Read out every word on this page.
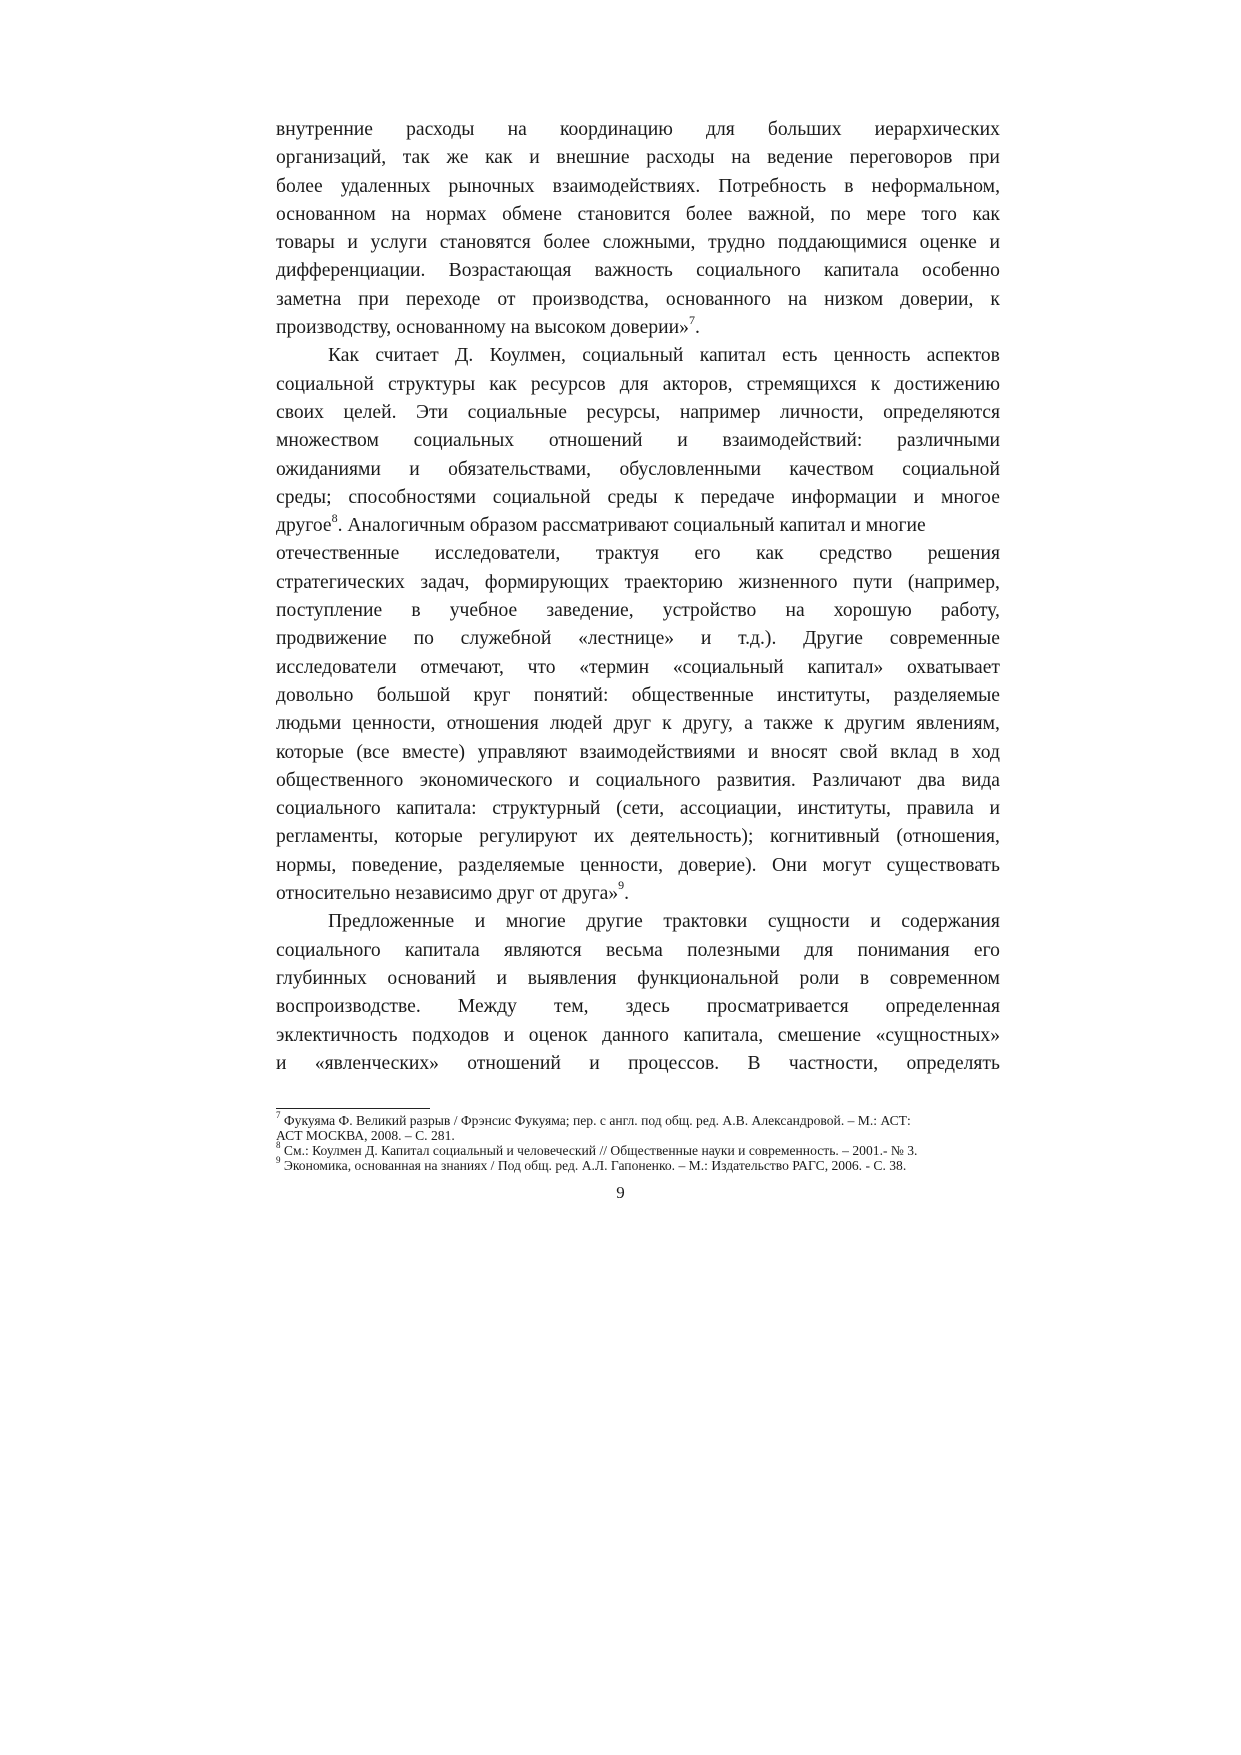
внутренние расходы на координацию для больших иерархических
организаций, так же как и внешние расходы на ведение переговоров при
более удаленных рыночных взаимодействиях. Потребность в неформальном,
основанном на нормах обмене становится более важной, по мере того как
товары и услуги становятся более сложными, трудно поддающимися оценке и
дифференциации. Возрастающая важность социального капитала особенно
заметна при переходе от производства, основанного на низком доверии, к
производству, основанному на высоком доверии»$^7$.
Как считает Д. Коулмен, социальный капитал есть ценность аспектов
социальной структуры как ресурсов для акторов, стремящихся к достижению
своих целей. Эти социальные ресурсы, например личности, определяются
множеством социальных отношений и взаимодействий: различными
ожиданиями и обязательствами, обусловленными качеством социальной
среды; способностями социальной среды к передаче информации и многое
другое$^8$. Аналогичным образом рассматривают социальный капитал и многие
отечественные исследователи, трактуя его как средство решения
стратегических задач, формирующих траекторию жизненного пути (например,
поступление в учебное заведение, устройство на хорошую работу,
продвижение по служебной «лестнице» и т.д.). Другие современные
исследователи отмечают, что «термин «социальный капитал» охватывает
довольно большой круг понятий: общественные институты, разделяемые
людьми ценности, отношения людей друг к другу, а также к другим явлениям,
которые (все вместе) управляют взаимодействиями и вносят свой вклад в ход
общественного экономического и социального развития. Различают два вида
социального капитала: структурный (сети, ассоциации, институты, правила и
регламенты, которые регулируют их деятельность); когнитивный (отношения,
нормы, поведение, разделяемые ценности, доверие). Они могут существовать
относительно независимо друг от друга»$^9$.
Предложенные и многие другие трактовки сущности и содержания
социального капитала являются весьма полезными для понимания его
глубинных оснований и выявления функциональной роли в современном
воспроизводстве. Между тем, здесь просматривается определенная
эклектичность подходов и оценок данного капитала, смешение «сущностных»
и «явленческих» отношений и процессов. В частности, определять
$^7$ Фукуяма Ф. Великий разрыв / Фрэнсис Фукуяма; пер. с англ. под общ. ред. А.В. Александровой. – М.: АСТ:
АСТ МОСКВА, 2008. – С. 281.
$^8$ См.: Коулмен Д. Капитал социальный и человеческий // Общественные науки и современность. – 2001.- № 3.
$^9$ Экономика, основанная на знаниях / Под общ. ред. А.Л. Гапоненко. – М.: Издательство РАГС, 2006. - С. 38.
9
